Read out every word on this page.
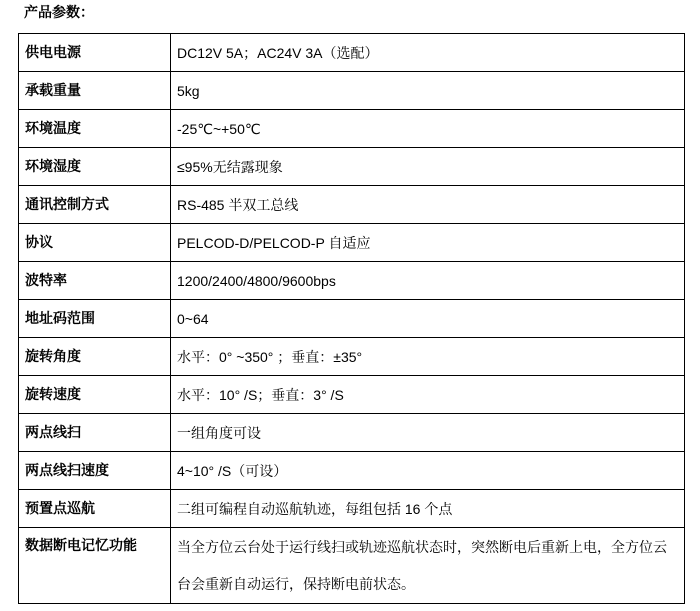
产品参数：
供电电源	DC12V 5A；AC24V 3A（选配）
承载重量	5kg
环境温度	-25℃~+50℃
环境湿度	≤95%无结露现象
通讯控制方式	RS-485 半双工总线
协议	PELCOD-D/PELCOD-P 自适应
波特率	1200/2400/4800/9600bps
地址码范围	0~64
旋转角度	水平：0° ~350° ；垂直：±35°
旋转速度	水平：10° /S；垂直：3° /S
两点线扫	一组角度可设
两点线扫速度	4~10° /S（可设）
预置点巡航	二组可编程自动巡航轨迹，每组包括 16 个点
数据断电记忆功能	当全方位云台处于运行线扫或轨迹巡航状态时，突然断电后重新上电，全方位云台会重新自动运行，保持断电前状态。
